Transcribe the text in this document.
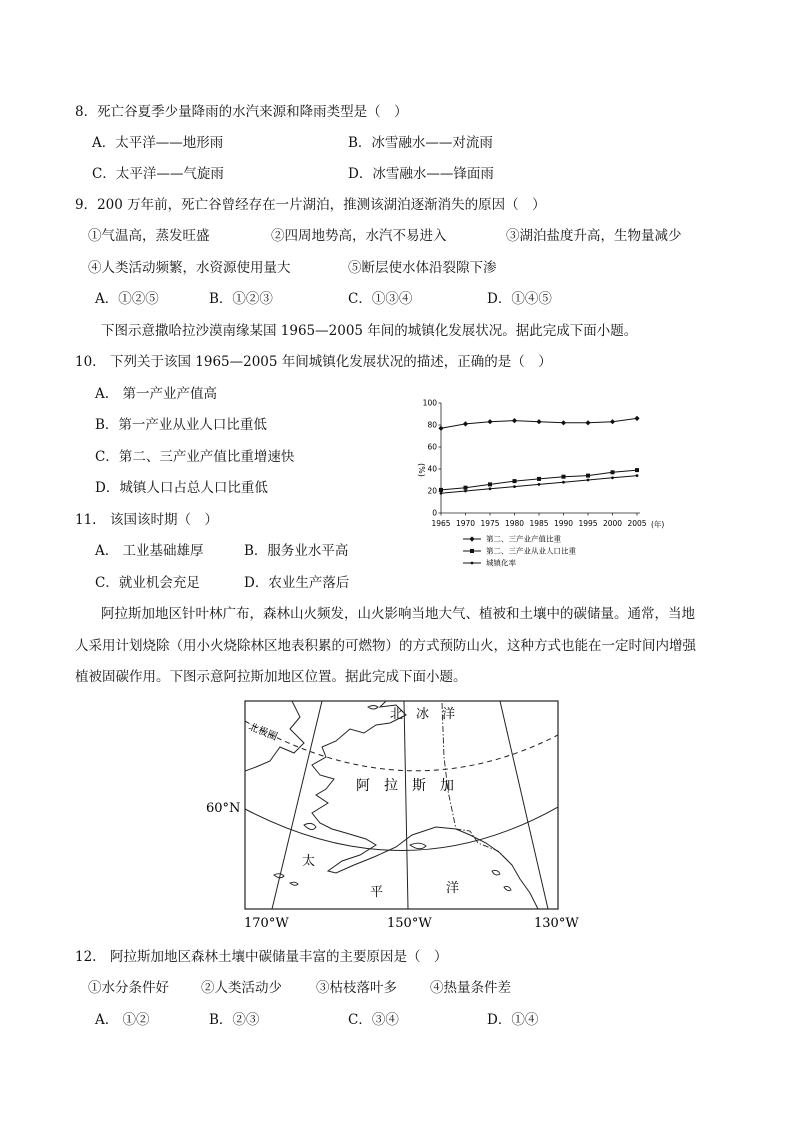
8．死亡谷夏季少量降雨的水汽来源和降雨类型是（　）
A．太平洋——地形雨	B．冰雪融水——对流雨
C．太平洋——气旋雨	D．冰雪融水——锋面雨
9．200 万年前，死亡谷曾经存在一片湖泊，推测该湖泊逐渐消失的原因（　）
①气温高，蒸发旺盛	②四周地势高，水汽不易进入	③湖泊盐度升高，生物量减少
④人类活动频繁，水资源使用量大	⑤断层使水体沿裂隙下渗
A．①②⑤	B．①②③	C．①③④	D．①④⑤
下图示意撒哈拉沙漠南缘某国 1965—2005 年间的城镇化发展状况。据此完成下面小题。
10.　下列关于该国 1965—2005 年间城镇化发展状况的描述，正确的是（　）
A.　第一产业产值高
B．第一产业从业人口比重低
C．第二、三产业产值比重增速快
D．城镇人口占总人口比重低
(%)
(年)
0
20
40
60
80
100
1965 1970 1975 1980 1985 1990 1995 2000 2005
第二、三产业产值比重
第二、三产业从业人口比重
城镇化率
11.　该国该时期（　）
A.　工业基础雄厚	B．服务业水平高
C．就业机会充足	D．农业生产落后
阿拉斯加地区针叶林广布，森林山火频发，山火影响当地大气、植被和土壤中的碳储量。通常，当地
人采用计划烧除（用小火烧除林区地表积累的可燃物）的方式预防山火，这种方式也能在一定时间内增强
植被固碳作用。下图示意阿拉斯加地区位置。据此完成下面小题。
北　冰　洋
北极圈
阿　拉　斯　加
太
平	洋
60°N
170°W	150°W	130°W
12.　阿拉斯加地区森林土壤中碳储量丰富的主要原因是（　）
①水分条件好 ②人类活动少	③枯枝落叶多 ④热量条件差
A.　①②	B．②③	C．③④	D．①④
